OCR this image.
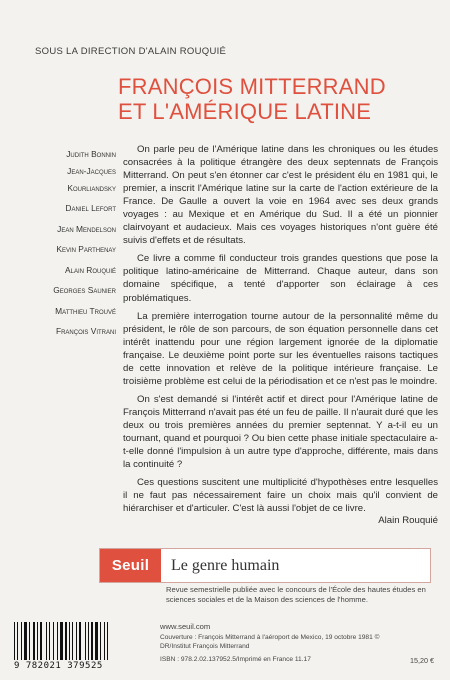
SOUS LA DIRECTION D'ALAIN ROUQUIÉ
FRANÇOIS MITTERRAND
ET L'AMÉRIQUE LATINE
Judith Bonnin
Jean-Jacques
Kourliandsky
Daniel Lefort
Jean Mendelson
Kevin Parthenay
Alain Rouquié
Georges Saunier
Matthieu Trouvé
François Vitrani

On parle peu de l'Amérique latine dans les chroniques ou les études consacrées à la politique étrangère des deux septennats de François Mitterrand. On peut s'en étonner car c'est le président élu en 1981 qui, le premier, a inscrit l'Amérique latine sur la carte de l'action extérieure de la France. De Gaulle a ouvert la voie en 1964 avec ses deux grands voyages : au Mexique et en Amérique du Sud. Il a été un pionnier clairvoyant et audacieux. Mais ces voyages historiques n'ont guère été suivis d'effets et de résultats.

Ce livre a comme fil conducteur trois grandes questions que pose la politique latino-américaine de Mitterrand. Chaque auteur, dans son domaine spécifique, a tenté d'apporter son éclairage à ces problématiques.

La première interrogation tourne autour de la personnalité même du président, le rôle de son parcours, de son équation personnelle dans cet intérêt inattendu pour une région largement ignorée de la diplomatie française. Le deuxième point porte sur les éventuelles raisons tactiques de cette innovation et relève de la politique intérieure française. Le troisième problème est celui de la périodisation et ce n'est pas le moindre.

On s'est demandé si l'intérêt actif et direct pour l'Amérique latine de François Mitterrand n'avait pas été un feu de paille. Il n'aurait duré que les deux ou trois premières années du premier septennat. Y a-t-il eu un tournant, quand et pourquoi ? Ou bien cette phase initiale spectaculaire a-t-elle donné l'impulsion à un autre type d'approche, différente, mais dans la continuité ?

Ces questions suscitent une multiplicité d'hypothèses entre lesquelles il ne faut pas nécessairement faire un choix mais qu'il convient de hiérarchiser et d'articuler. C'est là aussi l'objet de ce livre.

Alain Rouquié
Seuil	Le genre humain
Revue semestrielle publiée avec le concours de l'École des hautes études en sciences sociales et de la Maison des sciences de l'homme.
9 782021 379525
www.seuil.com
Couverture : François Mitterrand à l'aéroport de Mexico, 19 octobre 1981 © DR/Institut François Mitterrand
ISBN : 978.2.02.137952.5/Imprimé en France 11.17	15,20 €
